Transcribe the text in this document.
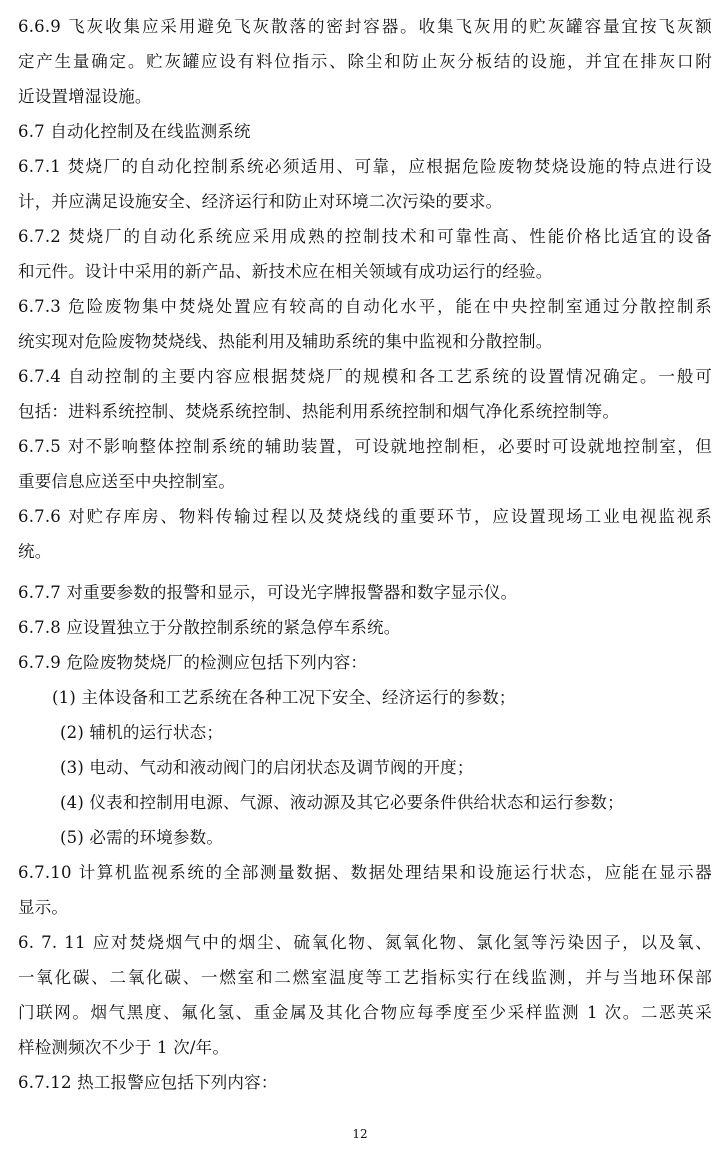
6.6.9 飞灰收集应采用避免飞灰散落的密封容器。收集飞灰用的贮灰罐容量宜按飞灰额
定产生量确定。贮灰罐应设有料位指示、除尘和防止灰分板结的设施，并宜在排灰口附
近设置增湿设施。
6.7 自动化控制及在线监测系统
6.7.1 焚烧厂的自动化控制系统必须适用、可靠，应根据危险废物焚烧设施的特点进行设
计，并应满足设施安全、经济运行和防止对环境二次污染的要求。
6.7.2 焚烧厂的自动化系统应采用成熟的控制技术和可靠性高、性能价格比适宜的设备
和元件。设计中采用的新产品、新技术应在相关领域有成功运行的经验。
6.7.3 危险废物集中焚烧处置应有较高的自动化水平，能在中央控制室通过分散控制系
统实现对危险废物焚烧线、热能利用及辅助系统的集中监视和分散控制。
6.7.4 自动控制的主要内容应根据焚烧厂的规模和各工艺系统的设置情况确定。一般可
包括：进料系统控制、焚烧系统控制、热能利用系统控制和烟气净化系统控制等。
6.7.5 对不影响整体控制系统的辅助装置，可设就地控制柜，必要时可设就地控制室，但
重要信息应送至中央控制室。
6.7.6 对贮存库房、物料传输过程以及焚烧线的重要环节，应设置现场工业电视监视系
统。
6.7.7 对重要参数的报警和显示，可设光字牌报警器和数字显示仪。
6.7.8 应设置独立于分散控制系统的紧急停车系统。
6.7.9 危险废物焚烧厂的检测应包括下列内容：
(1) 主体设备和工艺系统在各种工况下安全、经济运行的参数；
(2) 辅机的运行状态；
(3) 电动、气动和液动阀门的启闭状态及调节阀的开度；
(4) 仪表和控制用电源、气源、液动源及其它必要条件供给状态和运行参数；
(5) 必需的环境参数。
6.7.10 计算机监视系统的全部测量数据、数据处理结果和设施运行状态，应能在显示器
显示。
6. 7. 11 应对焚烧烟气中的烟尘、硫氧化物、氮氧化物、氯化氢等污染因子，以及氧、
一氧化碳、二氧化碳、一燃室和二燃室温度等工艺指标实行在线监测，并与当地环保部
门联网。烟气黑度、氟化氢、重金属及其化合物应每季度至少采样监测 1 次。二恶英采
样检测频次不少于 1 次/年。
6.7.12 热工报警应包括下列内容：
12
